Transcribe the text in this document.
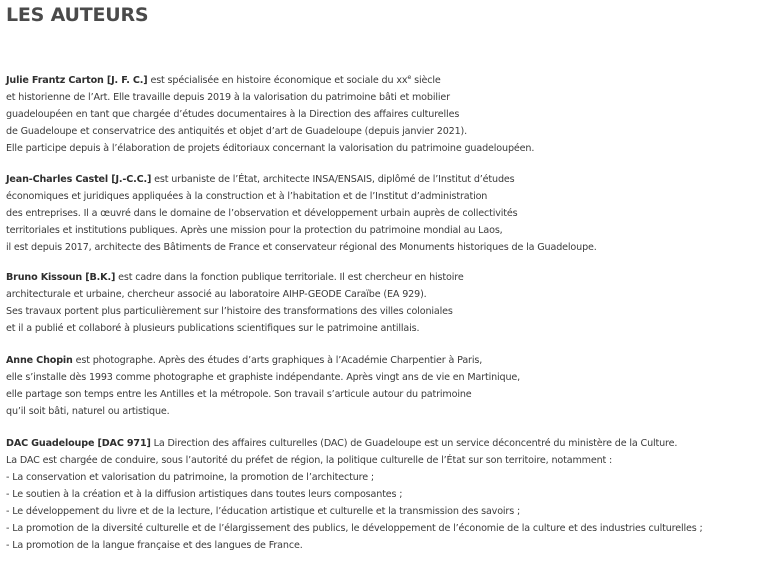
LES AUTEURS
Julie Frantz Carton [J. F. C.] est spécialisée en histoire économique et sociale du $xx^e$ siècle
et historienne de l’Art. Elle travaille depuis 2019 à la valorisation du patrimoine bâti et mobilier
guadeloupéen en tant que chargée d’études documentaires à la Direction des affaires culturelles
de Guadeloupe et conservatrice des antiquités et objet d’art de Guadeloupe (depuis janvier 2021).
Elle participe depuis à l’élaboration de projets éditoriaux concernant la valorisation du patrimoine guadeloupéen.
Jean-Charles Castel [J.-C.C.] est urbaniste de l’État, architecte INSA/ENSAIS, diplômé de l’Institut d’études
économiques et juridiques appliquées à la construction et à l’habitation et de l’Institut d’administration
des entreprises. Il a œuvré dans le domaine de l’observation et développement urbain auprès de collectivités
territoriales et institutions publiques. Après une mission pour la protection du patrimoine mondial au Laos,
il est depuis 2017, architecte des Bâtiments de France et conservateur régional des Monuments historiques de la Guadeloupe.
Bruno Kissoun [B.K.] est cadre dans la fonction publique territoriale. Il est chercheur en histoire
architecturale et urbaine, chercheur associé au laboratoire AIHP-GEODE Caraïbe (EA 929).
Ses travaux portent plus particulièrement sur l’histoire des transformations des villes coloniales
et il a publié et collaboré à plusieurs publications scientifiques sur le patrimoine antillais.
Anne Chopin est photographe. Après des études d’arts graphiques à l’Académie Charpentier à Paris,
elle s’installe dès 1993 comme photographe et graphiste indépendante. Après vingt ans de vie en Martinique,
elle partage son temps entre les Antilles et la métropole. Son travail s’articule autour du patrimoine
qu’il soit bâti, naturel ou artistique.
DAC Guadeloupe [DAC 971] La Direction des affaires culturelles (DAC) de Guadeloupe est un service déconcentré du ministère de la Culture.
La DAC est chargée de conduire, sous l’autorité du préfet de région, la politique culturelle de l’État sur son territoire, notamment :
- La conservation et valorisation du patrimoine, la promotion de l’architecture ;
- Le soutien à la création et à la diffusion artistiques dans toutes leurs composantes ;
- Le développement du livre et de la lecture, l’éducation artistique et culturelle et la transmission des savoirs ;
- La promotion de la diversité culturelle et de l’élargissement des publics, le développement de l’économie de la culture et des industries culturelles ;
- La promotion de la langue française et des langues de France.
